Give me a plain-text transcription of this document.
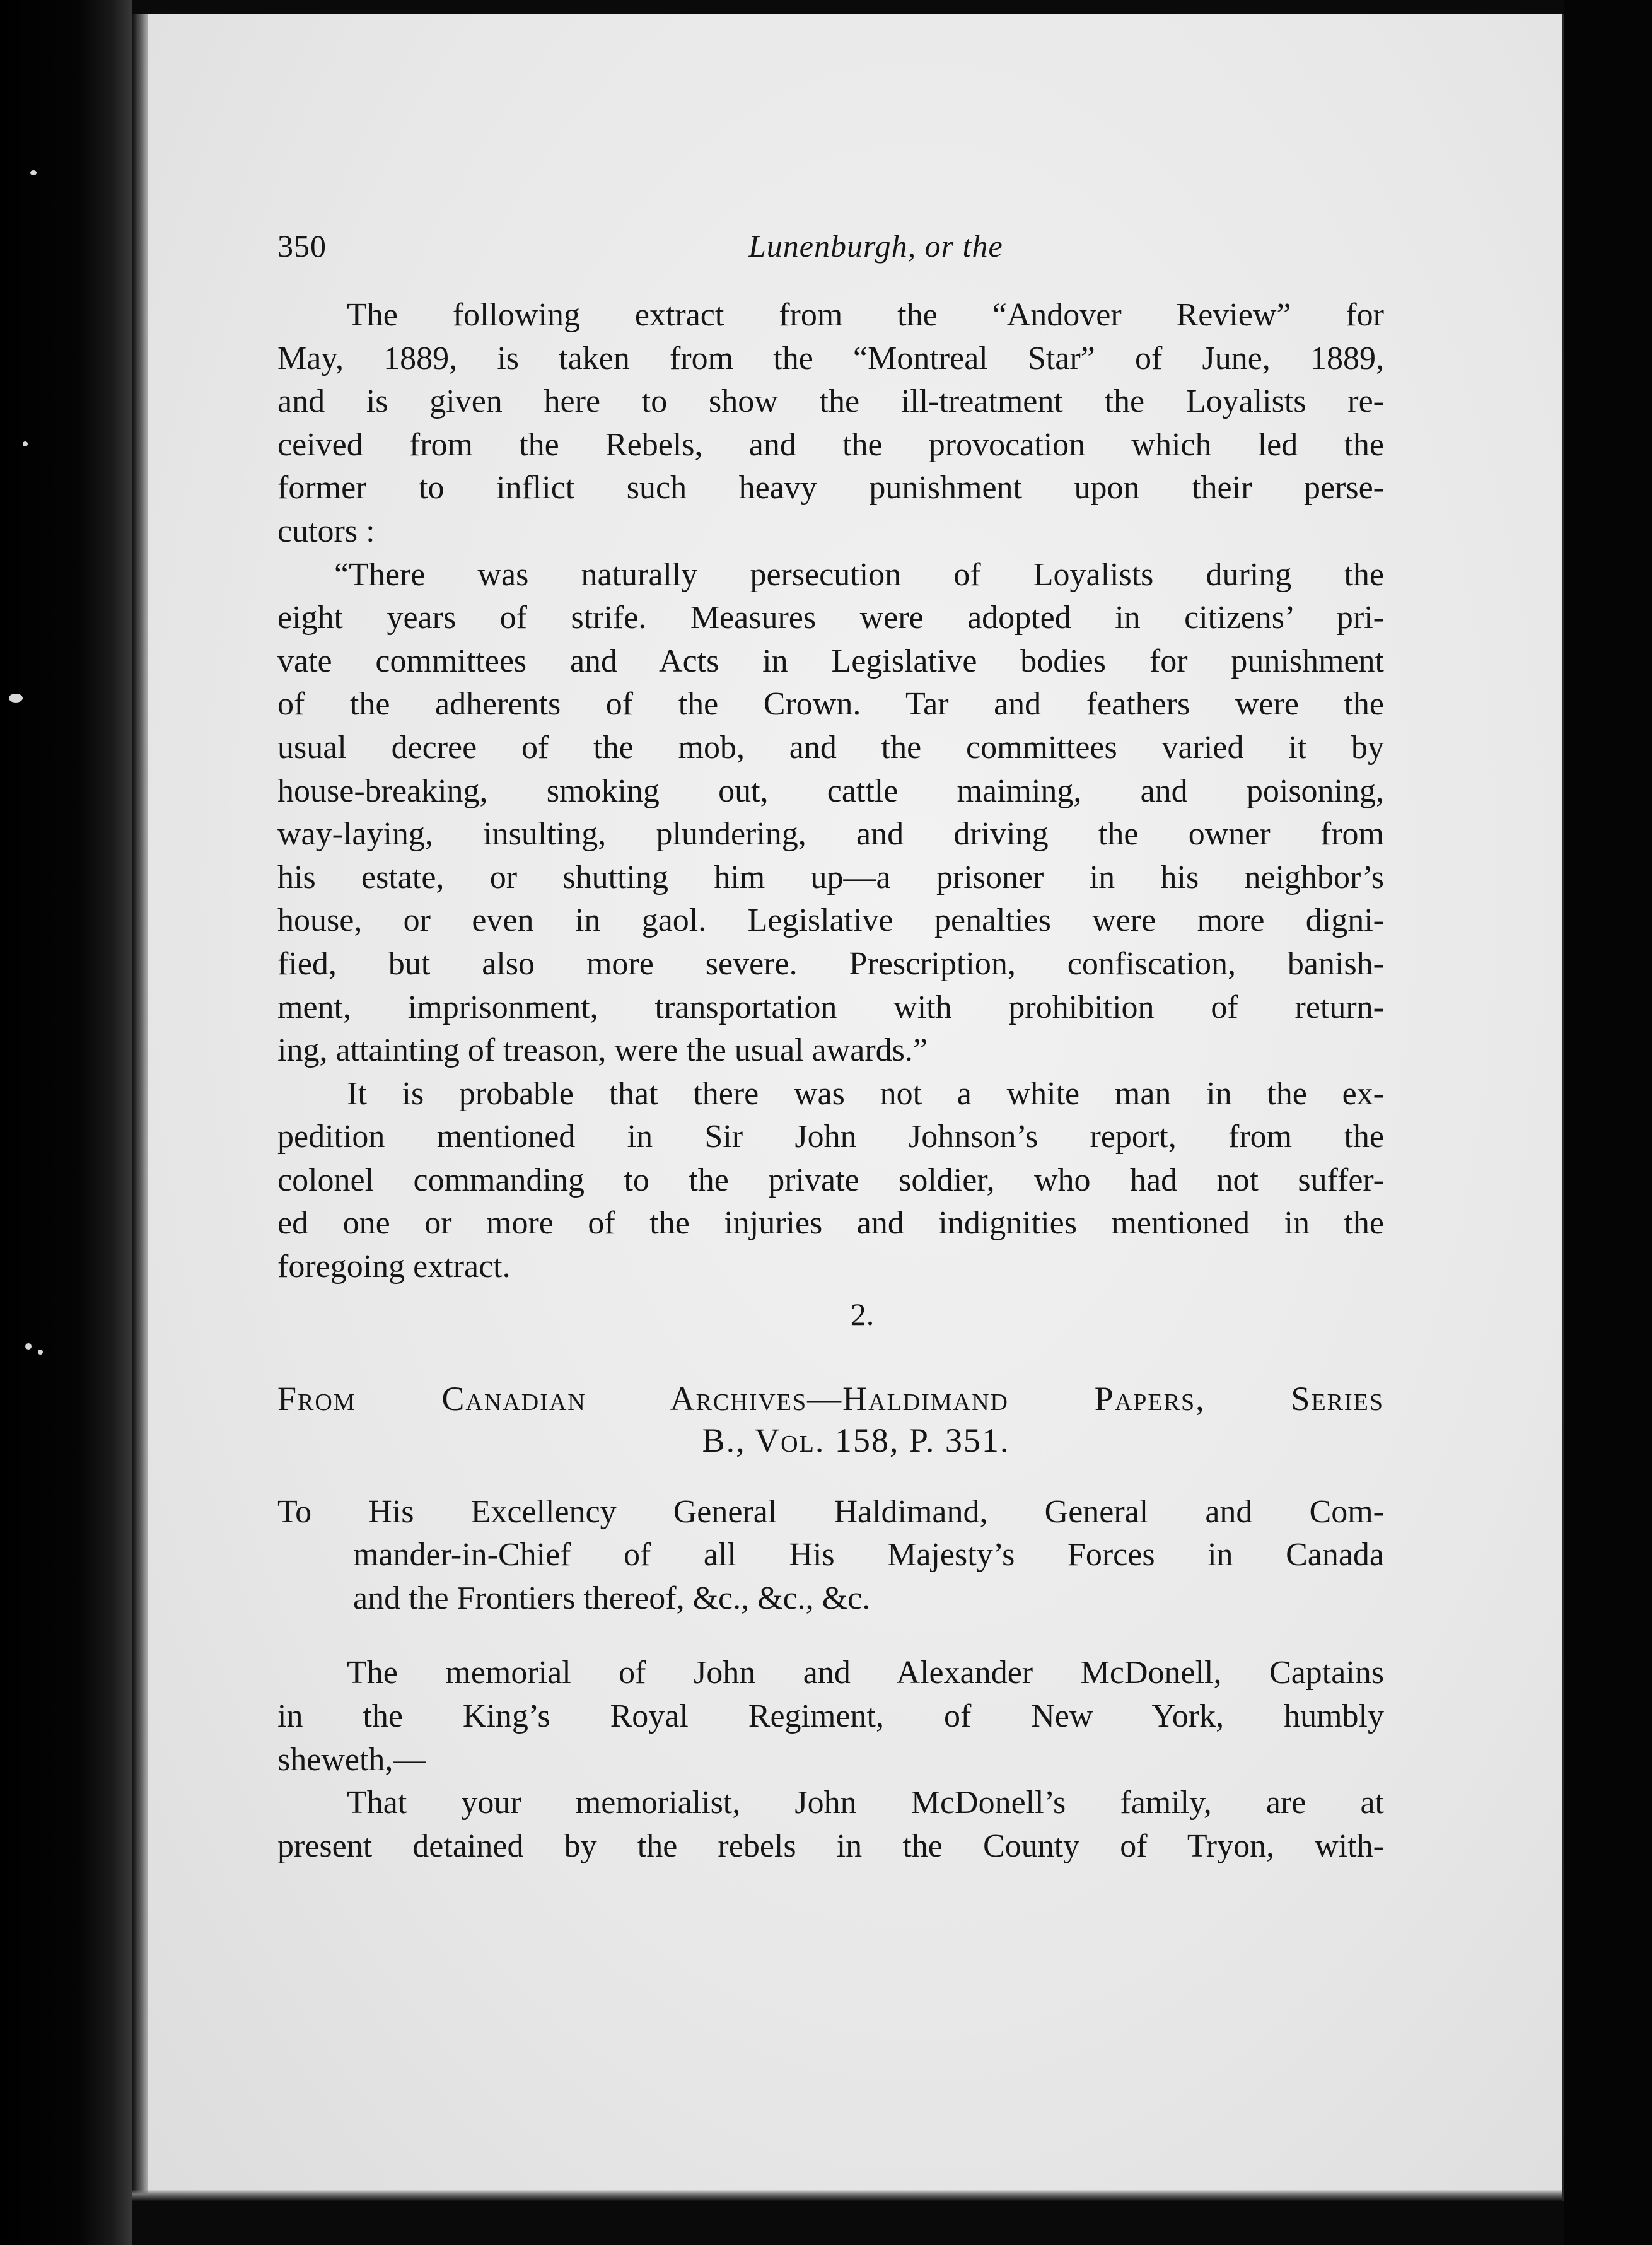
350	Lunenburgh, or the
The following extract from the “Andover Review” for
May, 1889, is taken from the “Montreal Star” of June, 1889,
and is given here to show the ill-treatment the Loyalists re-
ceived from the Rebels, and the provocation which led the
former to inflict such heavy punishment upon their perse-
cutors :
“There was naturally persecution of Loyalists during the
eight years of strife. Measures were adopted in citizens’ pri-
vate committees and Acts in Legislative bodies for punishment
of the adherents of the Crown. Tar and feathers were the
usual decree of the mob, and the committees varied it by
house-breaking, smoking out, cattle maiming, and poisoning,
way-laying, insulting, plundering, and driving the owner from
his estate, or shutting him up—a prisoner in his neighbor’s
house, or even in gaol. Legislative penalties were more digni-
fied, but also more severe. Prescription, confiscation, banish-
ment, imprisonment, transportation with prohibition of return-
ing, attainting of treason, were the usual awards.”
It is probable that there was not a white man in the ex-
pedition mentioned in Sir John Johnson’s report, from the
colonel commanding to the private soldier, who had not suffer-
ed one or more of the injuries and indignities mentioned in the
foregoing extract.
2.
From Canadian Archives—Haldimand Papers, Series
B., Vol. 158, P. 351.
To His Excellency General Haldimand, General and Com-
mander-in-Chief of all His Majesty’s Forces in Canada
and the Frontiers thereof, &c., &c., &c.
The memorial of John and Alexander McDonell, Captains
in the King’s Royal Regiment, of New York, humbly
sheweth,—
That your memorialist, John McDonell’s family, are at
present detained by the rebels in the County of Tryon, with-
